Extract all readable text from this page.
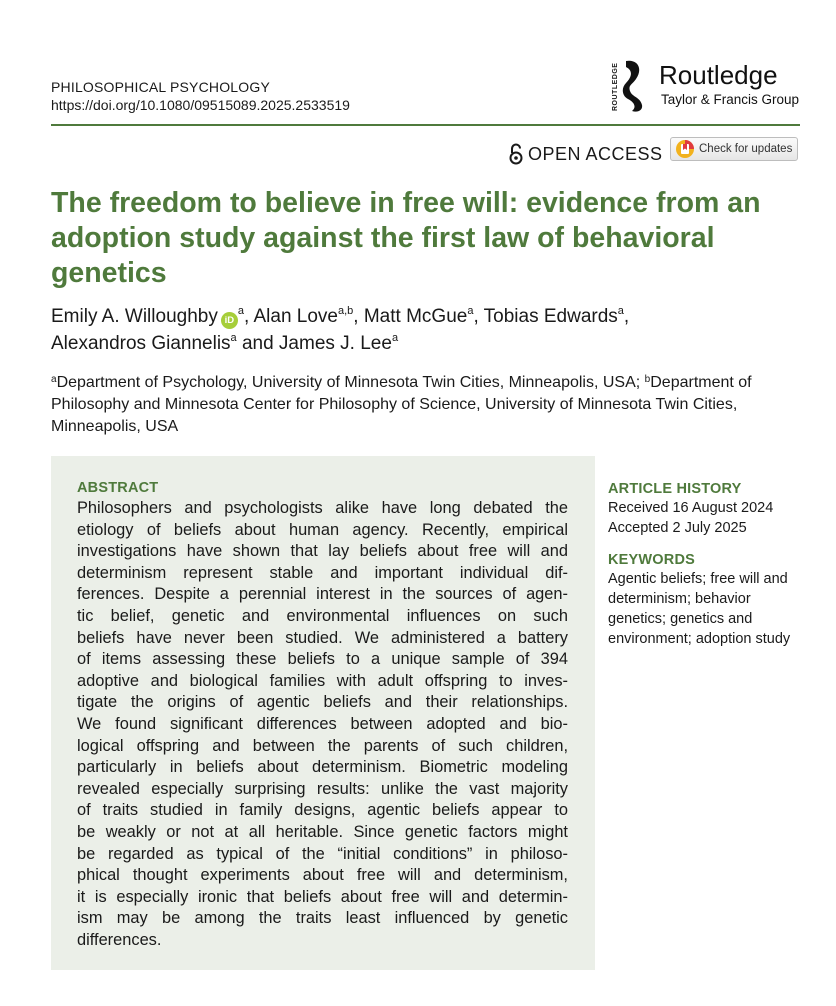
PHILOSOPHICAL PSYCHOLOGY
https://doi.org/10.1080/09515089.2025.2533519	ROUTLEDGE Routledge
Taylor & Francis Group
OPEN ACCESS	Check for updates
The freedom to believe in free will: evidence from an
adoption study against the first law of behavioral
genetics
Emily A. Willoughby $iD^a$, Alan Love$^{a,b}$, Matt McGue$^a$, Tobias Edwards$^a$,
Alexandros Giannelis$^a$ and James J. Lee$^a$
$^a$Department of Psychology, University of Minnesota Twin Cities, Minneapolis, USA; $^b$Department of
Philosophy and Minnesota Center for Philosophy of Science, University of Minnesota Twin Cities,
Minneapolis, USA
ABSTRACT
Philosophers and psychologists alike have long debated the
etiology of beliefs about human agency. Recently, empirical
investigations have shown that lay beliefs about free will and
determinism represent stable and important individual dif-
ferences. Despite a perennial interest in the sources of agen-
tic belief, genetic and environmental influences on such
beliefs have never been studied. We administered a battery
of items assessing these beliefs to a unique sample of 394
adoptive and biological families with adult offspring to inves-
tigate the origins of agentic beliefs and their relationships.
We found significant differences between adopted and bio-
logical offspring and between the parents of such children,
particularly in beliefs about determinism. Biometric modeling
revealed especially surprising results: unlike the vast majority
of traits studied in family designs, agentic beliefs appear to
be weakly or not at all heritable. Since genetic factors might
be regarded as typical of the “initial conditions” in philoso-
phical thought experiments about free will and determinism,
it is especially ironic that beliefs about free will and determin-
ism may be among the traits least influenced by genetic
differences.
ARTICLE HISTORY
Received 16 August 2024
Accepted 2 July 2025
KEYWORDS
Agentic beliefs; free will and
determinism; behavior
genetics; genetics and
environment; adoption study
